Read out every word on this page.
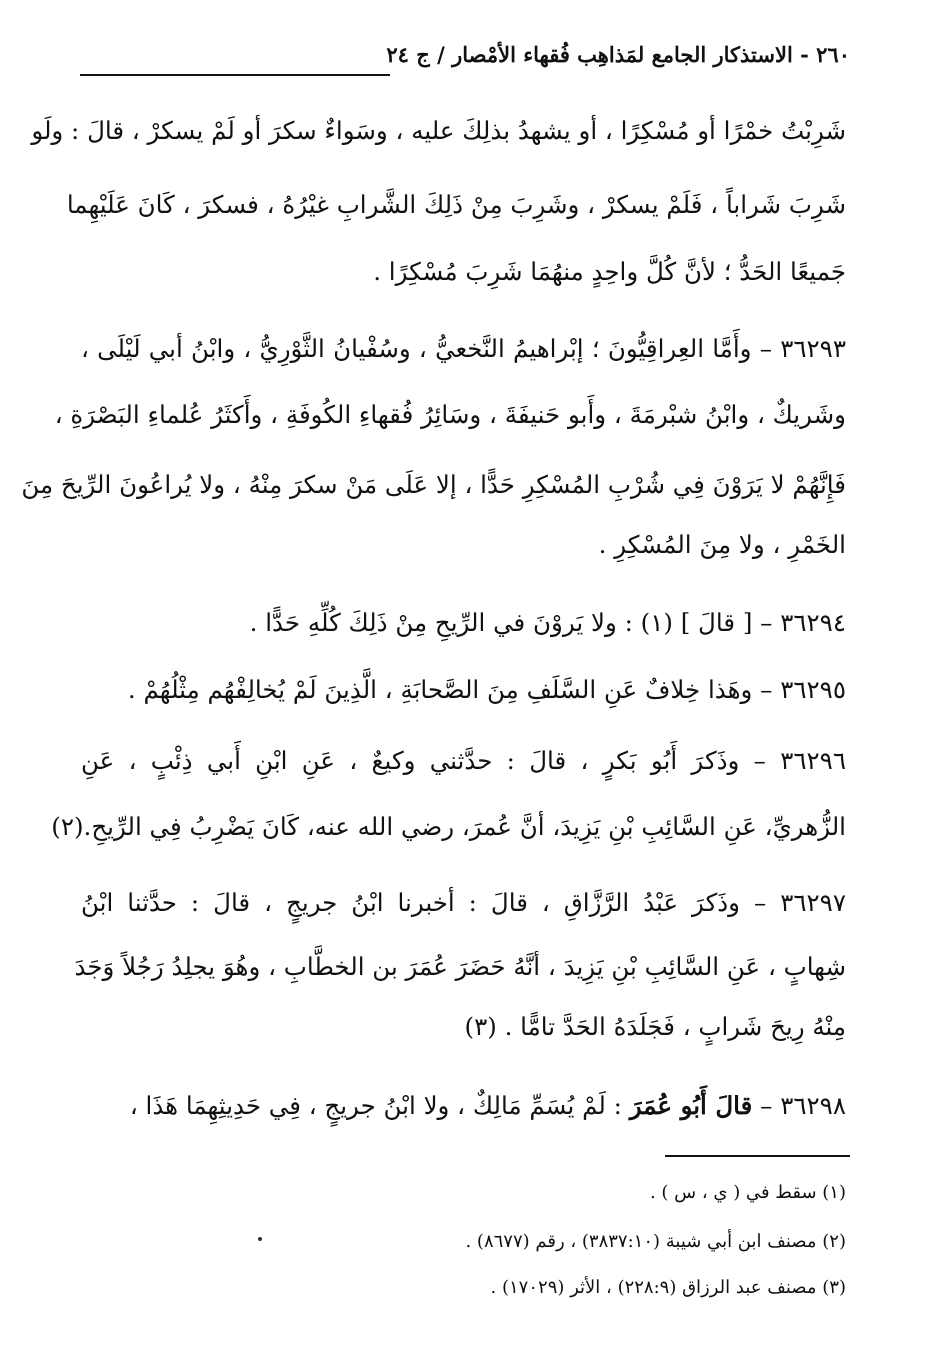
٢٦٠ - الاستذكار الجامع لمَذاهِب فُقهاء الأمْصار / ج ٢٤
شَرِبْتُ خمْرًا أو مُسْكِرًا ، أو يشهدُ بذلِكَ عليه ، وسَواءٌ سكرَ أو لَمْ يسكرْ ، قالَ : ولَو
شَرِبَ شَراباً ، فَلَمْ يسكرْ ، وشَرِبَ مِنْ ذَلِكَ الشَّرابِ غيْرُهُ ، فسكرَ ، كَانَ عَلَيْهِما
جَميعًا الحَدُّ ؛ لأنَّ كُلَّ واحِدٍ منهُمَا شَرِبَ مُسْكِرًا .
٣٦٢٩٣ – وأَمَّا العِراقِيُّونَ ؛ إبْراهيمُ النَّخعيُّ ، وسُفْيانُ الثَّوْرِيُّ ، وابْنُ أبي لَيْلَى ،
وشَريكٌ ، وابْنُ شبْرمَةَ ، وأَبو حَنيفَةَ ، وسَائِرُ فُقهاءِ الكُوفَةِ ، وأَكثَرُ عُلماءِ البَصْرَةِ ،
فَإِنَّهُمْ لا يَرَوْنَ فِي شُرْبِ المُسْكِرِ حَدًّا ، إلا عَلَى مَنْ سكرَ مِنْهُ ، ولا يُراعُونَ الرِّيحَ مِنَ
الخَمْرِ ، ولا مِنَ المُسْكِرِ .
٣٦٢٩٤ – [ قالَ ] (١) : ولا يَروْنَ في الرِّيحِ مِنْ ذَلِكَ كُلِّهِ حَدًّا .
٣٦٢٩٥ – وهَذا خِلافٌ عَنِ السَّلَفِ مِنَ الصَّحابَةِ ، الَّذِينَ لَمْ يُخالِفْهُم مِثْلُهُمْ .
٣٦٢٩٦ – وذَكرَ أَبُو بَكرٍ ، قالَ : حدَّثني وكيعٌ ، عَنِ ابْنِ أَبي ذِئْبٍ ، عَنِ
الزُّهريِّ، عَنِ السَّائِبِ بْنِ يَزِيدَ، أنَّ عُمرَ، رضي الله عنه، كَانَ يَضْرِبُ فِي الرِّيحِ.(٢)
٣٦٢٩٧ – وذَكرَ عَبْدُ الرَّزَّاقِ ، قالَ : أخبرنا ابْنُ جريجٍ ، قالَ : حدَّثنا ابْنُ
شِهابٍ ، عَنِ السَّائِبِ بْنِ يَزِيدَ ، أنَّهُ حَضَرَ عُمَرَ بن الخطَّابِ ، وهُوَ يجلِدُ رَجُلاً وَجَدَ
مِنْهُ رِيحَ شَرابٍ ، فَجَلَدَهُ الحَدَّ تامًّا . (٣)
٣٦٢٩٨ – قالَ أَبُو عُمَرَ : لَمْ يُسَمِّ مَالِكٌ ، ولا ابْنُ جريجٍ ، فِي حَدِيثِهِمَا هَذَا ،
(١) سقط في ( ي ، س ) .
(٢) مصنف ابن أبي شيبة (٣٨٣٧:١٠) ، رقم (٨٦٧٧) .
(٣) مصنف عبد الرزاق (٢٢٨:٩) ، الأثر (١٧٠٢٩) .
